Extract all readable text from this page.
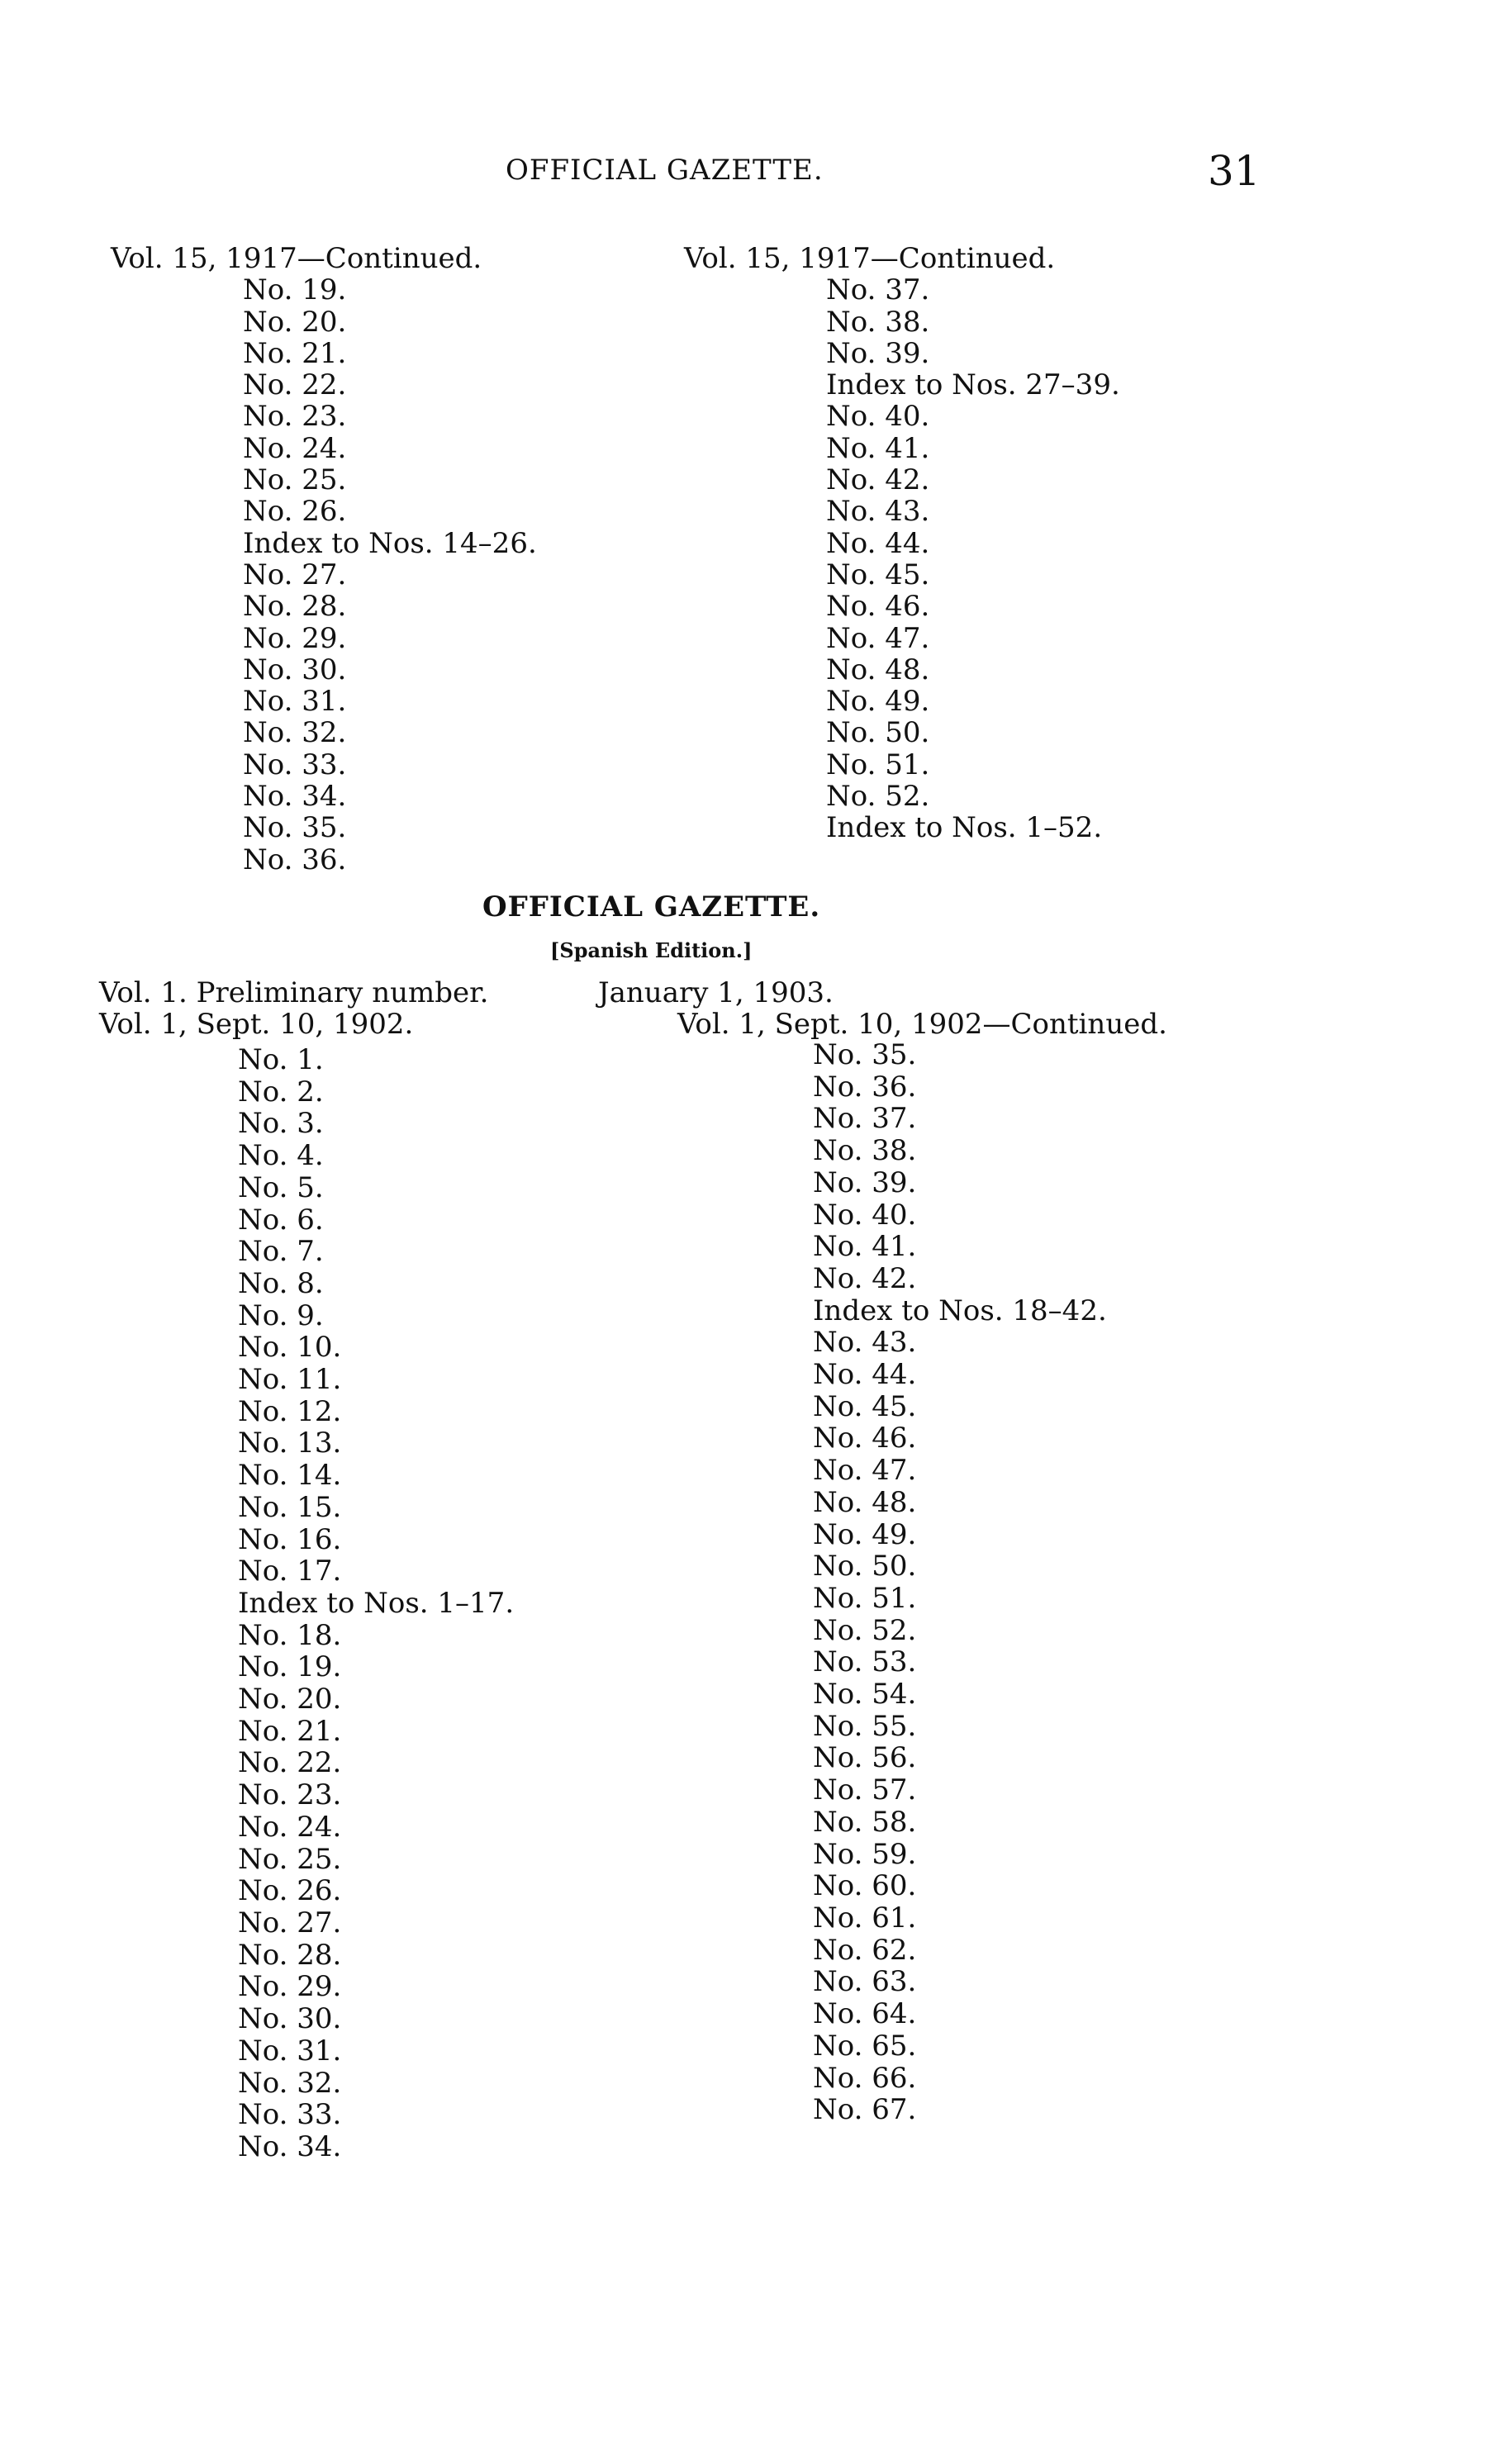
OFFICIAL GAZETTE.	31
Vol. 15, 1917—Continued.
No. 19.
No. 20.
No. 21.
No. 22.
No. 23.
No. 24.
No. 25.
No. 26.
Index to Nos. 14–26.
No. 27.
No. 28.
No. 29.
No. 30.
No. 31.
No. 32.
No. 33.
No. 34.
No. 35.
No. 36.
Vol. 15, 1917—Continued.
No. 37.
No. 38.
No. 39.
Index to Nos. 27–39.
No. 40.
No. 41.
No. 42.
No. 43.
No. 44.
No. 45.
No. 46.
No. 47.
No. 48.
No. 49.
No. 50.
No. 51.
No. 52.
Index to Nos. 1–52.
OFFICIAL GAZETTE.
[Spanish Edition.]
Vol. 1. Preliminary number.	January 1, 1903.
Vol. 1, Sept. 10, 1902.	Vol. 1, Sept. 10, 1902—Continued.
No. 1.
No. 2.
No. 3.
No. 4.
No. 5.
No. 6.
No. 7.
No. 8.
No. 9.
No. 10.
No. 11.
No. 12.
No. 13.
No. 14.
No. 15.
No. 16.
No. 17.
Index to Nos. 1–17.
No. 18.
No. 19.
No. 20.
No. 21.
No. 22.
No. 23.
No. 24.
No. 25.
No. 26.
No. 27.
No. 28.
No. 29.
No. 30.
No. 31.
No. 32.
No. 33.
No. 34.
No. 35.
No. 36.
No. 37.
No. 38.
No. 39.
No. 40.
No. 41.
No. 42.
Index to Nos. 18–42.
No. 43.
No. 44.
No. 45.
No. 46.
No. 47.
No. 48.
No. 49.
No. 50.
No. 51.
No. 52.
No. 53.
No. 54.
No. 55.
No. 56.
No. 57.
No. 58.
No. 59.
No. 60.
No. 61.
No. 62.
No. 63.
No. 64.
No. 65.
No. 66.
No. 67.
